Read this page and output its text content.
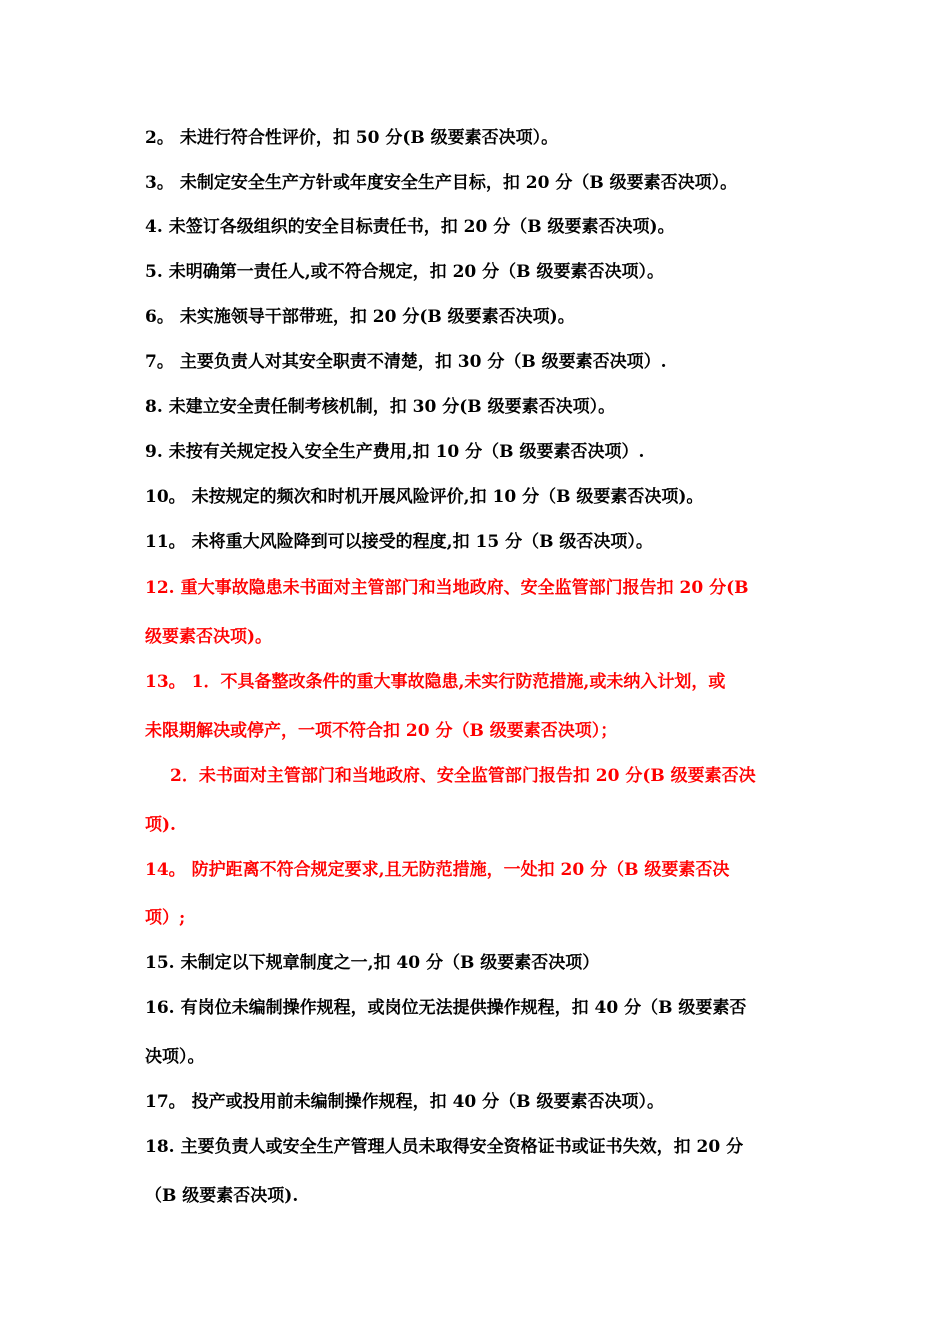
2。 未进行符合性评价，扣 50 分(B 级要素否决项）。
3。 未制定安全生产方针或年度安全生产目标，扣 20 分（B 级要素否决项）。
4. 未签订各级组织的安全目标责任书，扣 20 分（B 级要素否决项)。
5. 未明确第一责任人,或不符合规定，扣 20 分（B 级要素否决项）。
6。 未实施领导干部带班，扣 20 分(B 级要素否决项)。
7。 主要负责人对其安全职责不清楚，扣 30 分（B 级要素否决项）.
8. 未建立安全责任制考核机制，扣 30 分(B 级要素否决项）。
9. 未按有关规定投入安全生产费用,扣 10 分（B 级要素否决项）.
10。 未按规定的频次和时机开展风险评价,扣 10 分（B 级要素否决项)。
11。 未将重大风险降到可以接受的程度,扣 15 分（B 级否决项）。
12. 重大事故隐患未书面对主管部门和当地政府、安全监管部门报告扣 20 分(B
级要素否决项)。
13。 1．不具备整改条件的重大事故隐患,未实行防范措施,或未纳入计划，或
未限期解决或停产，一项不符合扣 20 分（B 级要素否决项）；
2．未书面对主管部门和当地政府、安全监管部门报告扣 20 分(B 级要素否决
项).
14。 防护距离不符合规定要求,且无防范措施，一处扣 20 分（B 级要素否决
项）;
15. 未制定以下规章制度之一,扣 40 分（B 级要素否决项）
16. 有岗位未编制操作规程，或岗位无法提供操作规程，扣 40 分（B 级要素否
决项）。
17。 投产或投用前未编制操作规程，扣 40 分（B 级要素否决项）。
18. 主要负责人或安全生产管理人员未取得安全资格证书或证书失效，扣 20 分
（B 级要素否决项).
